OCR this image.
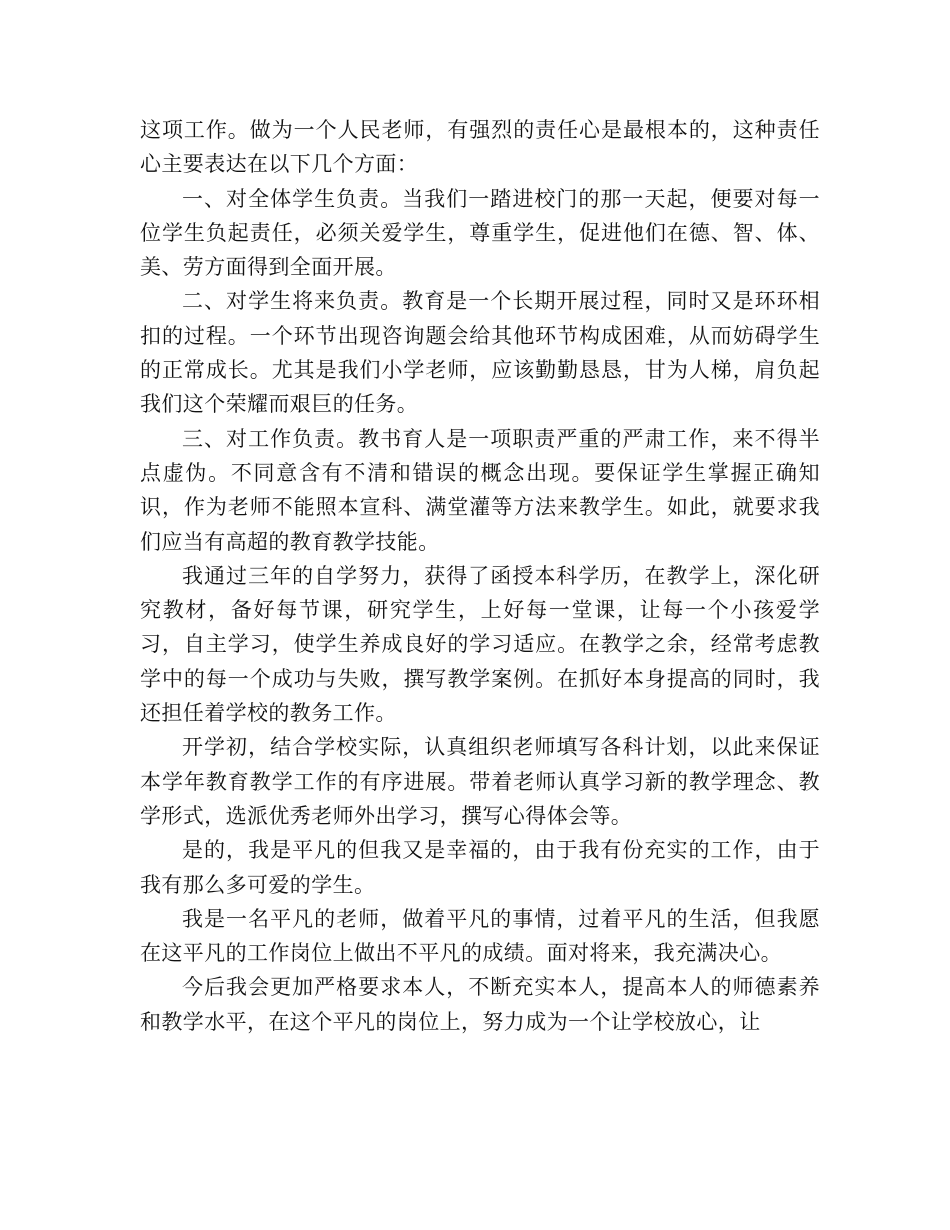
这项工作。做为一个人民老师，有强烈的责任心是最根本的，这种责任心主要表达在以下几个方面：

一、对全体学生负责。当我们一踏进校门的那一天起，便要对每一位学生负起责任，必须关爱学生，尊重学生，促进他们在德、智、体、美、劳方面得到全面开展。

二、对学生将来负责。教育是一个长期开展过程，同时又是环环相扣的过程。一个环节出现咨询题会给其他环节构成困难，从而妨碍学生的正常成长。尤其是我们小学老师，应该勤勤恳恳，甘为人梯，肩负起我们这个荣耀而艰巨的任务。

三、对工作负责。教书育人是一项职责严重的严肃工作，来不得半点虚伪。不同意含有不清和错误的概念出现。要保证学生掌握正确知识，作为老师不能照本宣科、满堂灌等方法来教学生。如此，就要求我们应当有高超的教育教学技能。

我通过三年的自学努力，获得了函授本科学历，在教学上，深化研究教材，备好每节课，研究学生，上好每一堂课，让每一个小孩爱学习，自主学习，使学生养成良好的学习适应。在教学之余，经常考虑教学中的每一个成功与失败，撰写教学案例。在抓好本身提高的同时，我还担任着学校的教务工作。

开学初，结合学校实际，认真组织老师填写各科计划，以此来保证本学年教育教学工作的有序进展。带着老师认真学习新的教学理念、教学形式，选派优秀老师外出学习，撰写心得体会等。

是的，我是平凡的但我又是幸福的，由于我有份充实的工作，由于我有那么多可爱的学生。

我是一名平凡的老师，做着平凡的事情，过着平凡的生活，但我愿在这平凡的工作岗位上做出不平凡的成绩。面对将来，我充满决心。

今后我会更加严格要求本人，不断充实本人，提高本人的师德素养和教学水平，在这个平凡的岗位上，努力成为一个让学校放心，让
